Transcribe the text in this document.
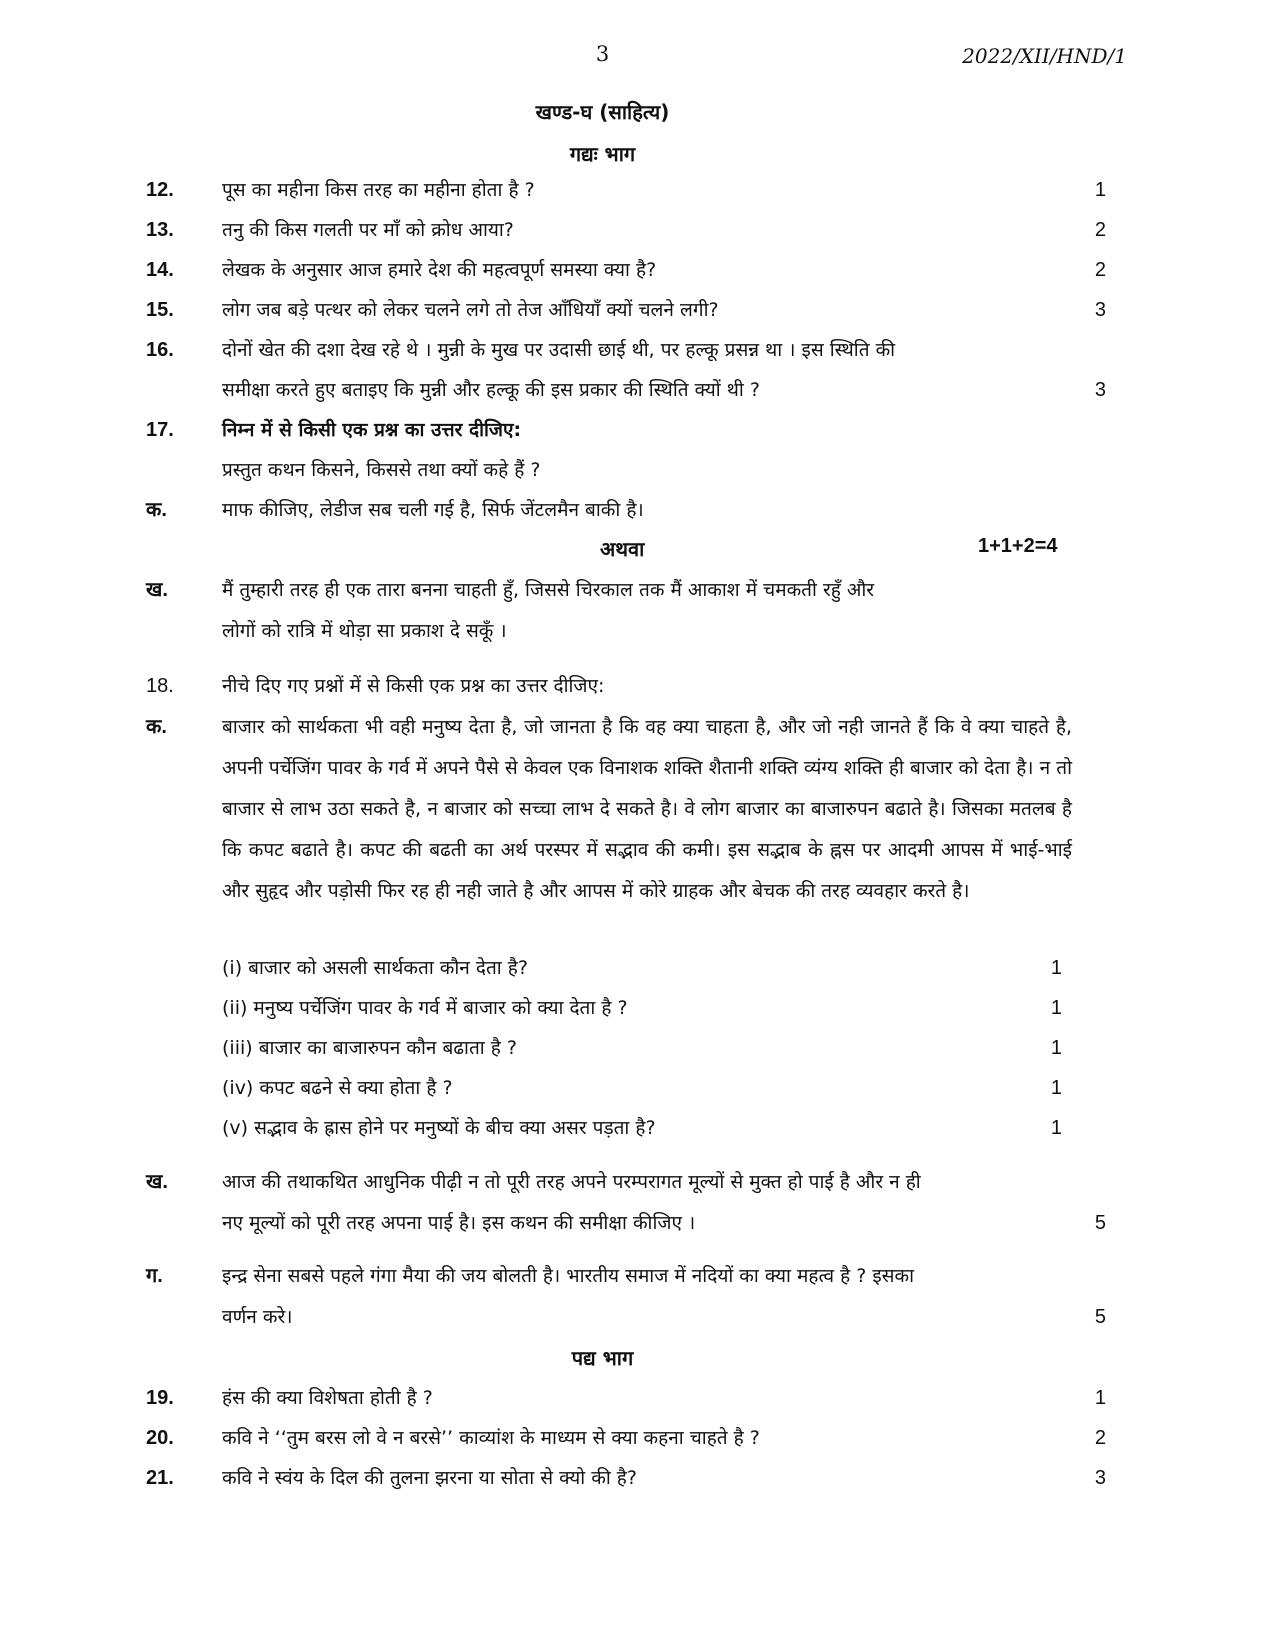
3	2022/XII/HND/1
खण्ड-घ (साहित्य)
गद्यः भाग
12.	पूस का महीना किस तरह का महीना होता है ?	1
13.	तनु की किस गलती पर माँ को क्रोध आया?	2
14.	लेखक के अनुसार आज हमारे देश की महत्वपूर्ण समस्या क्या है?	2
15.	लोग जब बड़े पत्थर को लेकर चलने लगे तो तेज आँधियाँ क्यों चलने लगी?	3
16.	दोनों खेत की दशा देख रहे थे । मुन्नी के मुख पर उदासी छाई थी, पर हल्कू प्रसन्न था । इस स्थिति की
समीक्षा करते हुए बताइए कि मुन्नी और हल्कू की इस प्रकार की स्थिति क्यों थी ?	3
17.	निम्न में से किसी एक प्रश्न का उत्तर दीजिए:
प्रस्तुत कथन किसने, किससे तथा क्यों कहे हैं ?
क.	माफ कीजिए, लेडीज सब चली गई है, सिर्फ जेंटलमैन बाकी है।
अथवा	1+1+2=4
ख.	मैं तुम्हारी तरह ही एक तारा बनना चाहती हुँ, जिससे चिरकाल तक मैं आकाश में चमकती रहुँ और
लोगों को रात्रि में थोड़ा सा प्रकाश दे सकूँ ।
18.	नीचे दिए गए प्रश्नों में से किसी एक प्रश्न का उत्तर दीजिए:
क.	बाजार को सार्थकता भी वही मनुष्य देता है, जो जानता है कि वह क्या चाहता है, और जो नही जानते हैं कि वे क्या चाहते है, अपनी पर्चेजिंग पावर के गर्व में अपने पैसे से केवल एक विनाशक शक्ति शैतानी शक्ति व्यंग्य शक्ति ही बाजार को देता है। न तो बाजार से लाभ उठा सकते है, न बाजार को सच्चा लाभ दे सकते है। वे लोग बाजार का बाजारुपन बढाते है। जिसका मतलब है कि कपट बढाते है। कपट की बढती का अर्थ परस्पर में सद्भाव की कमी। इस सद्भाब के ह्नस पर आदमी आपस में भाई-भाई और सुहृद और पड़ोसी फिर रह ही नही जाते है और आपस में कोरे ग्राहक और बेचक की तरह व्यवहार करते है।
(i) बाजार को असली सार्थकता कौन देता है?	1
(ii) मनुष्य पर्चेजिंग पावर के गर्व में बाजार को क्या देता है ?	1
(iii) बाजार का बाजारुपन कौन बढाता है ?	1
(iv) कपट बढने से क्या होता है ?	1
(v) सद्भाव के ह्रास होने पर मनुष्यों के बीच क्या असर पड़ता है?	1
ख.	आज की तथाकथित आधुनिक पीढ़ी न तो पूरी तरह अपने परम्परागत मूल्यों से मुक्त हो पाई है और न ही
नए मूल्यों को पूरी तरह अपना पाई है। इस कथन की समीक्षा कीजिए ।	5
ग.	इन्द्र सेना सबसे पहले गंगा मैया की जय बोलती है। भारतीय समाज में नदियों का क्या महत्व है ? इसका
वर्णन करे।	5
पद्य भाग
19.	हंस की क्या विशेषता होती है ?	1
20.	कवि ने ‘‘तुम बरस लो वे न बरसे’’ काव्यांश के माध्यम से क्या कहना चाहते है ?	2
21.	कवि ने स्वंय के दिल की तुलना झरना या सोता से क्यो की है?	3
